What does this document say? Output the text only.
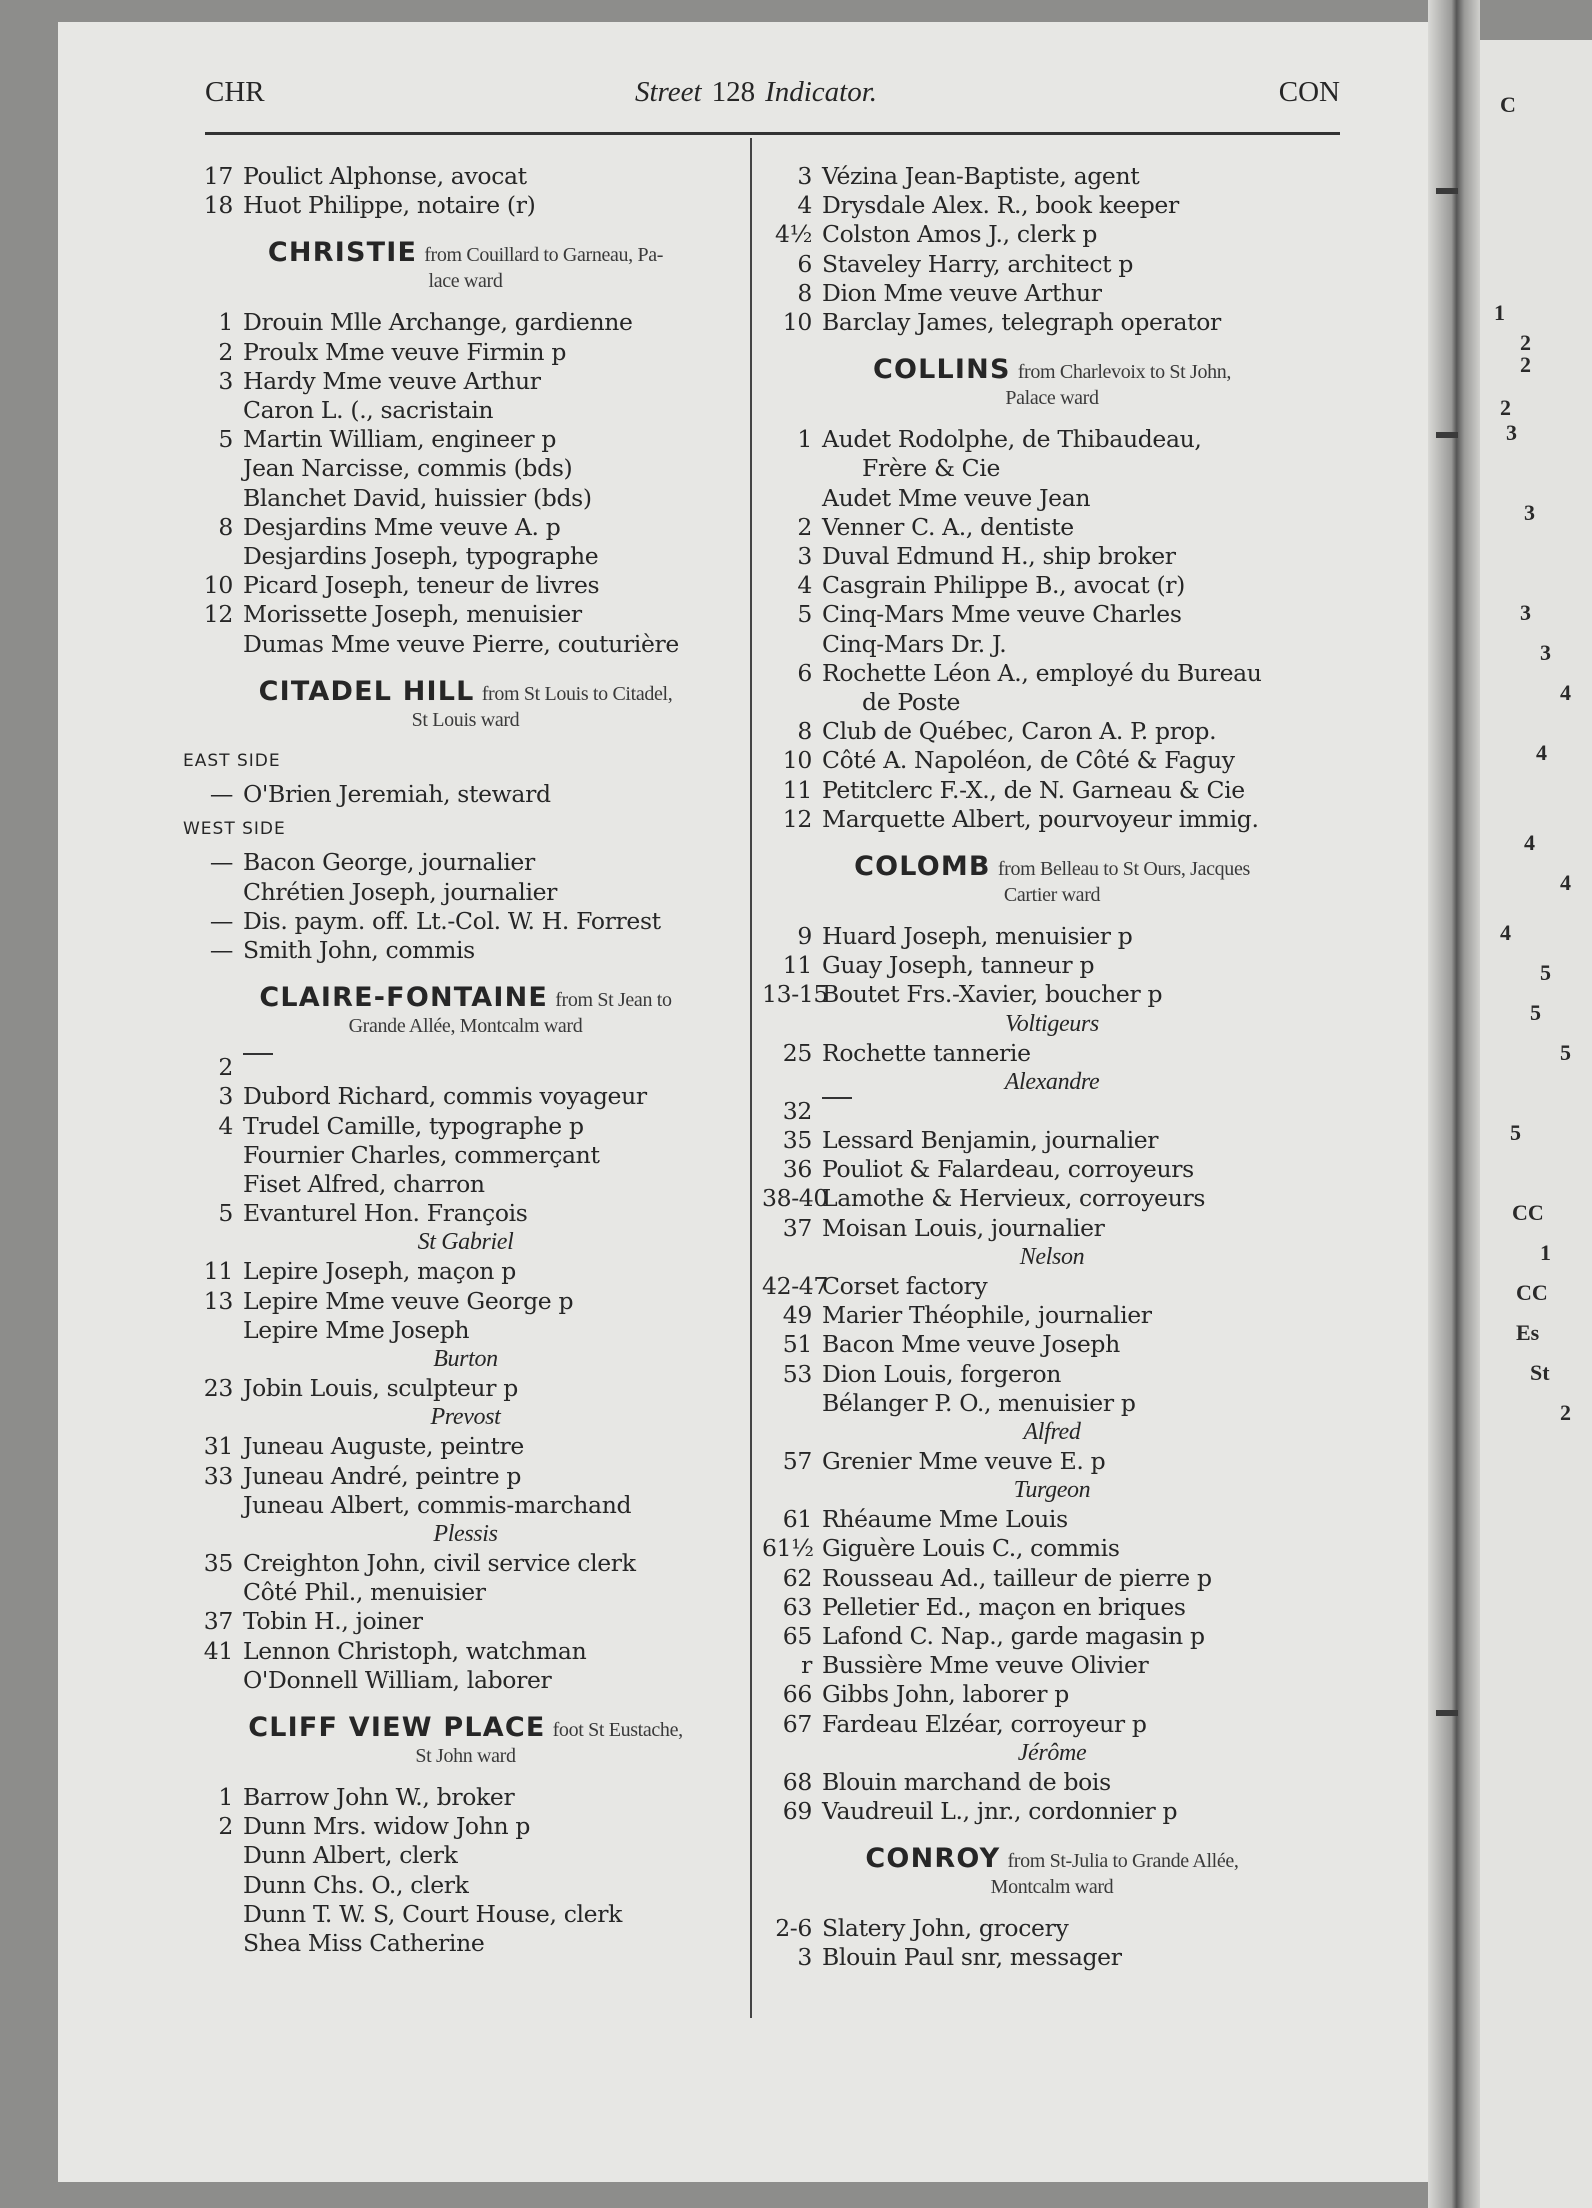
C
1
2
2
2
3
3
3
3
4
4
4
4
4
5
5
5
5
CC
1
CC
Es
St
2
CHR	Street 128 Indicator.	CON
17 Poulict Alphonse, avocat
18 Huot Philippe, notaire (r)
CHRISTIE from Couillard to Garneau, Pa-
lace ward
1 Drouin Mlle Archange, gardienne
2 Proulx Mme veuve Firmin p
3 Hardy Mme veuve Arthur
Caron L. (., sacristain
5 Martin William, engineer p
Jean Narcisse, commis (bds)
Blanchet David, huissier (bds)
8 Desjardins Mme veuve A. p
Desjardins Joseph, typographe
10 Picard Joseph, teneur de livres
12 Morissette Joseph, menuisier
Dumas Mme veuve Pierre, couturière
CITADEL HILL from St Louis to Citadel,
St Louis ward
EAST SIDE
— O'Brien Jeremiah, steward
WEST SIDE
— Bacon George, journalier
Chrétien Joseph, journalier
— Dis. paym. off. Lt.-Col. W. H. Forrest
— Smith John, commis
CLAIRE-FONTAINE from St Jean to
Grande Allée, Montcalm ward
2
3 Dubord Richard, commis voyageur
4 Trudel Camille, typographe p
Fournier Charles, commerçant
Fiset Alfred, charron
5 Evanturel Hon. François
St Gabriel
11 Lepire Joseph, maçon p
13 Lepire Mme veuve George p
Lepire Mme Joseph
Burton
23 Jobin Louis, sculpteur p
Prevost
31 Juneau Auguste, peintre
33 Juneau André, peintre p
Juneau Albert, commis-marchand
Plessis
35 Creighton John, civil service clerk
Côté Phil., menuisier
37 Tobin H., joiner
41 Lennon Christoph, watchman
O'Donnell William, laborer
CLIFF VIEW PLACE foot St Eustache,
St John ward
1 Barrow John W., broker
2 Dunn Mrs. widow John p
Dunn Albert, clerk
Dunn Chs. O., clerk
Dunn T. W. S, Court House, clerk
Shea Miss Catherine
3 Vézina Jean-Baptiste, agent
4 Drysdale Alex. R., book keeper
4½ Colston Amos J., clerk p
6 Staveley Harry, architect p
8 Dion Mme veuve Arthur
10 Barclay James, telegraph operator
COLLINS from Charlevoix to St John,
Palace ward
1 Audet Rodolphe, de Thibaudeau,
Frère & Cie
Audet Mme veuve Jean
2 Venner C. A., dentiste
3 Duval Edmund H., ship broker
4 Casgrain Philippe B., avocat (r)
5 Cinq-Mars Mme veuve Charles
Cinq-Mars Dr. J.
6 Rochette Léon A., employé du Bureau
de Poste
8 Club de Québec, Caron A. P. prop.
10 Côté A. Napoléon, de Côté & Faguy
11 Petitclerc F.-X., de N. Garneau & Cie
12 Marquette Albert, pourvoyeur immig.
COLOMB from Belleau to St Ours, Jacques
Cartier ward
9 Huard Joseph, menuisier p
11 Guay Joseph, tanneur p
13-15
Boutet Frs.-Xavier, boucher p
Voltigeurs
25 Rochette tannerie
Alexandre
32
35 Lessard Benjamin, journalier
36 Pouliot & Falardeau, corroyeurs
38-40
Lamothe & Hervieux, corroyeurs
37 Moisan Louis, journalier
Nelson
42-47
Corset factory
49 Marier Théophile, journalier
51 Bacon Mme veuve Joseph
53 Dion Louis, forgeron
Bélanger P. O., menuisier p
Alfred
57 Grenier Mme veuve E. p
Turgeon
61 Rhéaume Mme Louis
61½ Giguère Louis C., commis
62 Rousseau Ad., tailleur de pierre p
63 Pelletier Ed., maçon en briques
65 Lafond C. Nap., garde magasin p
r Bussière Mme veuve Olivier
66 Gibbs John, laborer p
67 Fardeau Elzéar, corroyeur p
Jérôme
68 Blouin marchand de bois
69 Vaudreuil L., jnr., cordonnier p
CONROY from St-Julia to Grande Allée,
Montcalm ward
2-6 Slatery John, grocery
3 Blouin Paul snr, messager
